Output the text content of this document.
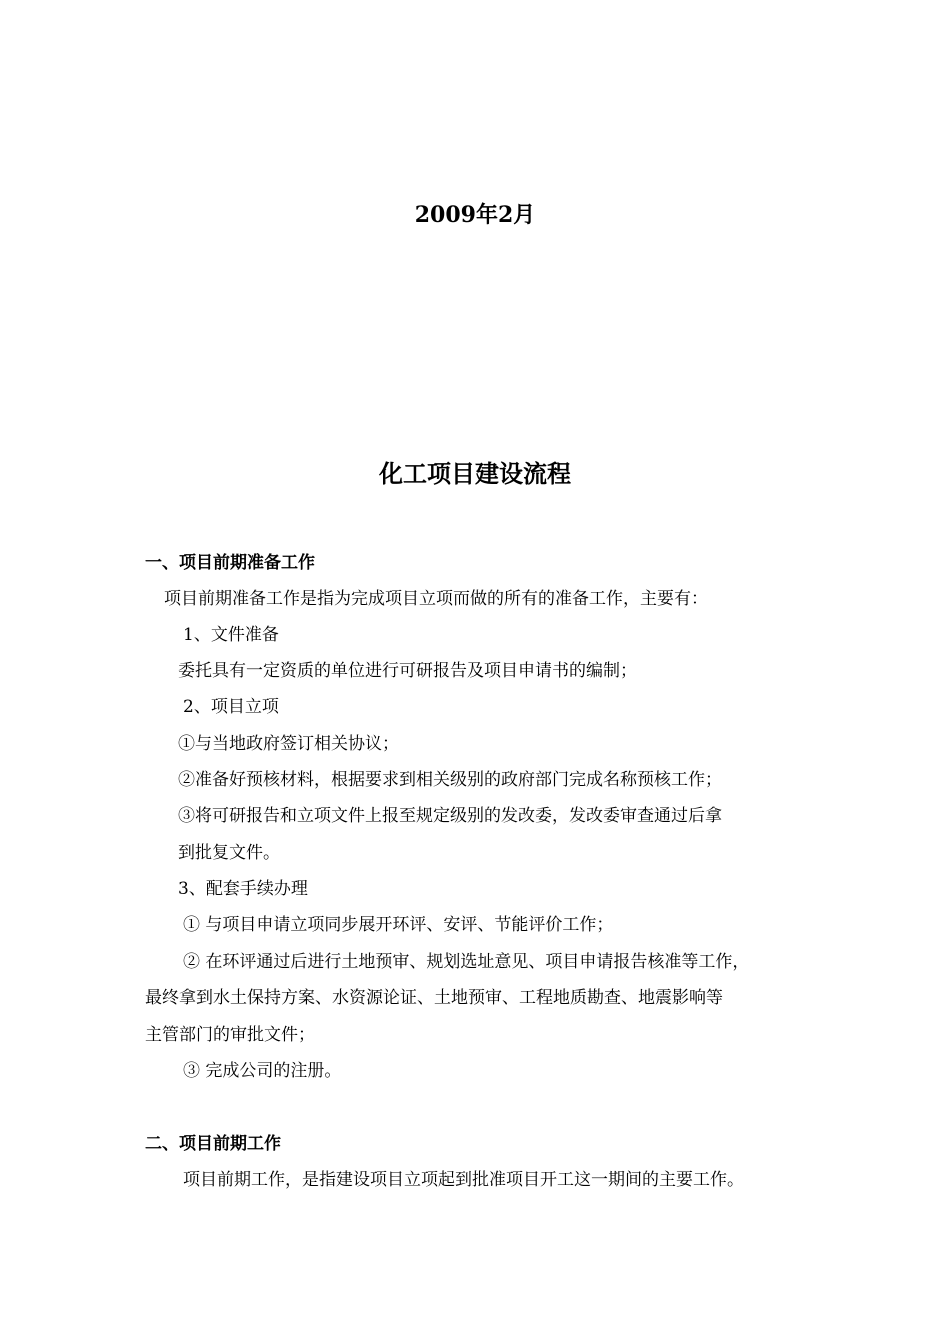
2009年2月
化工项目建设流程
一、项目前期准备工作
项目前期准备工作是指为完成项目立项而做的所有的准备工作，主要有：
1、文件准备
委托具有一定资质的单位进行可研报告及项目申请书的编制；
2、项目立项
①与当地政府签订相关协议；
②准备好预核材料，根据要求到相关级别的政府部门完成名称预核工作；
③将可研报告和立项文件上报至规定级别的发改委，发改委审查通过后拿
到批复文件。
3、配套手续办理
① 与项目申请立项同步展开环评、安评、节能评价工作；
② 在环评通过后进行土地预审、规划选址意见、项目申请报告核准等工作，
最终拿到水土保持方案、水资源论证、土地预审、工程地质勘查、地震影响等
主管部门的审批文件；
③ 完成公司的注册。
二、项目前期工作
项目前期工作，是指建设项目立项起到批准项目开工这一期间的主要工作。
